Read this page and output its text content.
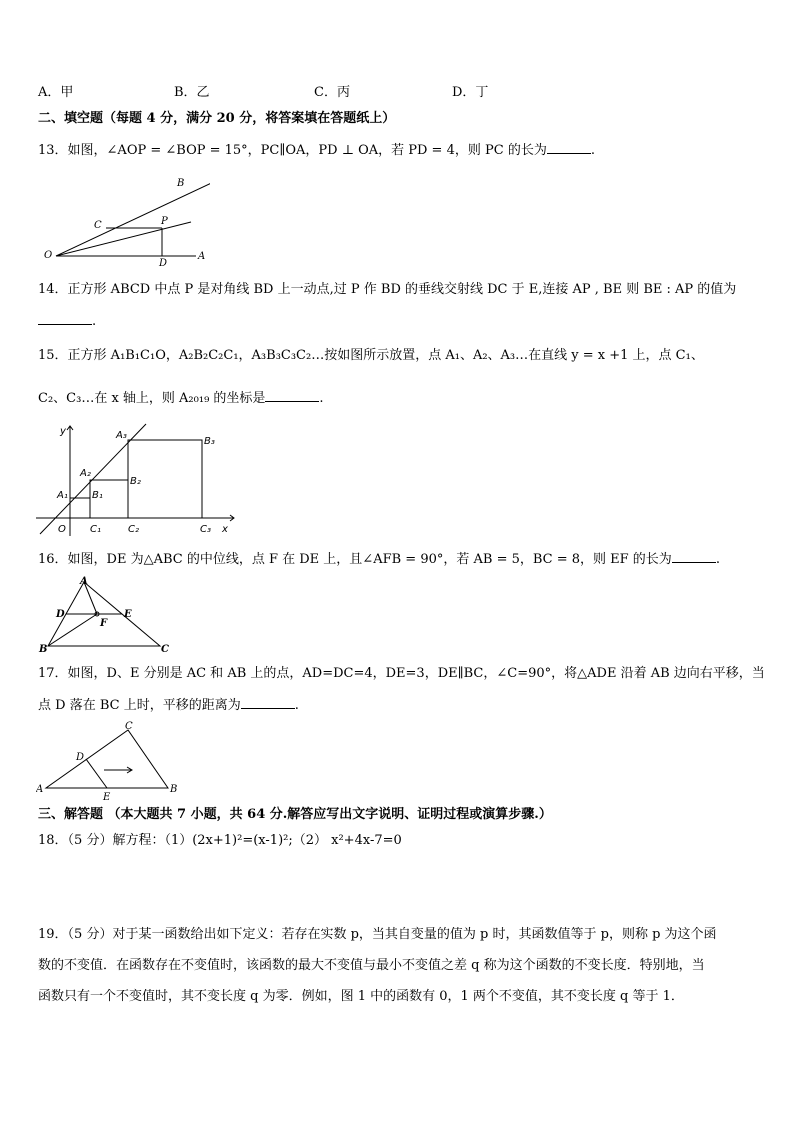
A．甲	B．乙	C．丙	D．丁
二、填空题（每题 4 分，满分 20 分，将答案填在答题纸上）
13．如图，∠AOP = ∠BOP = 15°，PC∥OA，PD ⊥ OA，若 PD = 4，则 PC 的长为	.
B
C	P
O
D
A
14．正方形 ABCD 中点 P 是对角线 BD 上一动点,过 P 作 BD 的垂线交射线 DC 于 E,连接 AP , BE 则 BE : AP 的值为
.
15．正方形 A₁B₁C₁O，A₂B₂C₂C₁，A₃B₃C₃C₂…按如图所示放置，点 A₁、A₂、A₃…在直线 y = x +1 上，点 C₁、
C₂、C₃…在 x 轴上，则 A₂₀₁₉ 的坐标是	.
y
x
O
A₁
A₂
A₃
B₁
B₂
B₃
C₁	C₂	C₃
16．如图，DE 为△ABC 的中位线，点 F 在 DE 上，且∠AFB = 90°，若 AB = 5，BC = 8，则 EF 的长为	.
A
D	E
F
B	C
17．如图，D、E 分别是 AC 和 AB 上的点，AD=DC=4，DE=3，DE∥BC，∠C=90°，将△ADE 沿着 AB 边向右平移，当
点 D 落在 BC 上时，平移的距离为	.
C
D
A
E
B
三、解答题 （本大题共 7 小题，共 64 分.解答应写出文字说明、证明过程或演算步骤.）
18．（5 分）解方程：（1）(2x+1)²=(x-1)²;（2） x²+4x-7=0
19．（5 分）对于某一函数给出如下定义：若存在实数 p，当其自变量的值为 p 时，其函数值等于 p，则称 p 为这个函
数的不变值．在函数存在不变值时，该函数的最大不变值与最小不变值之差 q 称为这个函数的不变长度．特别地，当
函数只有一个不变值时，其不变长度 q 为零．例如，图 1 中的函数有 0，1 两个不变值，其不变长度 q 等于 1．
